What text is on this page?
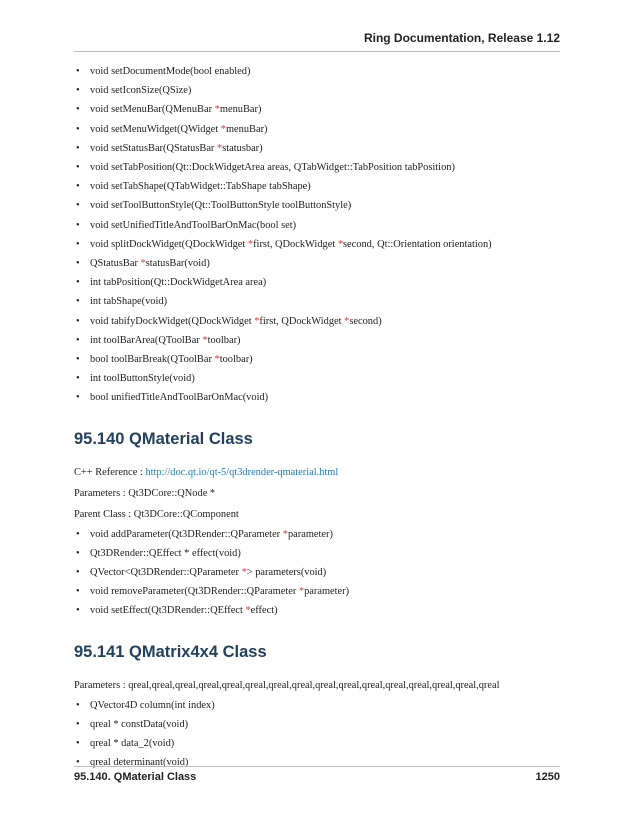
Ring Documentation, Release 1.12
• void setDocumentMode(bool enabled)
• void setIconSize(QSize)
• void setMenuBar(QMenuBar *menuBar)
• void setMenuWidget(QWidget *menuBar)
• void setStatusBar(QStatusBar *statusbar)
• void setTabPosition(Qt::DockWidgetArea areas, QTabWidget::TabPosition tabPosition)
• void setTabShape(QTabWidget::TabShape tabShape)
• void setToolButtonStyle(Qt::ToolButtonStyle toolButtonStyle)
• void setUnifiedTitleAndToolBarOnMac(bool set)
• void splitDockWidget(QDockWidget *first, QDockWidget *second, Qt::Orientation orientation)
• QStatusBar *statusBar(void)
• int tabPosition(Qt::DockWidgetArea area)
• int tabShape(void)
• void tabifyDockWidget(QDockWidget *first, QDockWidget *second)
• int toolBarArea(QToolBar *toolbar)
• bool toolBarBreak(QToolBar *toolbar)
• int toolButtonStyle(void)
• bool unifiedTitleAndToolBarOnMac(void)
95.140 QMaterial Class

C++ Reference : http://doc.qt.io/qt-5/qt3drender-qmaterial.html

Parameters : Qt3DCore::QNode *

Parent Class : Qt3DCore::QComponent

• void addParameter(Qt3DRender::QParameter *parameter)
• Qt3DRender::QEffect * effect(void)
• QVector<Qt3DRender::QParameter *> parameters(void)
• void removeParameter(Qt3DRender::QParameter *parameter)
• void setEffect(Qt3DRender::QEffect *effect)
95.141 QMatrix4x4 Class

Parameters : qreal,qreal,qreal,qreal,qreal,qreal,qreal,qreal,qreal,qreal,qreal,qreal,qreal,qreal,qreal,qreal

• QVector4D column(int index)
• qreal * constData(void)
• qreal * data_2(void)
• qreal determinant(void)
95.140. QMaterial Class	1250
